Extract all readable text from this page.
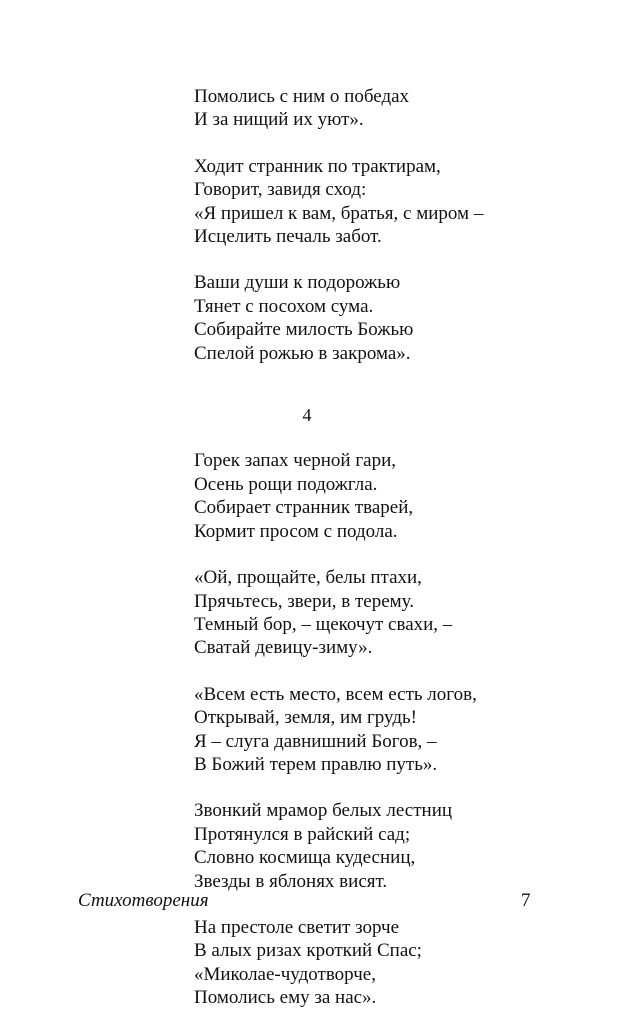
Помолись с ним о победах
И за нищий их уют».
Ходит странник по трактирам,
Говорит, завидя сход:
«Я пришел к вам, братья, с миром –
Исцелить печаль забот.
Ваши души к подорожью
Тянет с посохом сума.
Собирайте милость Божью
Спелой рожью в закрома».
4
Горек запах черной гари,
Осень рощи подожгла.
Собирает странник тварей,
Кормит просом с подола.
«Ой, прощайте, белы птахи,
Прячьтесь, звери, в терему.
Темный бор, – щекочут свахи, –
Сватай девицу-зиму».
«Всем есть место, всем есть логов,
Открывай, земля, им грудь!
Я – слуга давнишний Богов, –
В Божий терем правлю путь».
Звонкий мрамор белых лестниц
Протянулся в райский сад;
Словно космища кудесниц,
Звезды в яблонях висят.
На престоле светит зорче
В алых ризах кроткий Спас;
«Миколае-чудотворче,
Помолись ему за нас».
Стихотворения	7
